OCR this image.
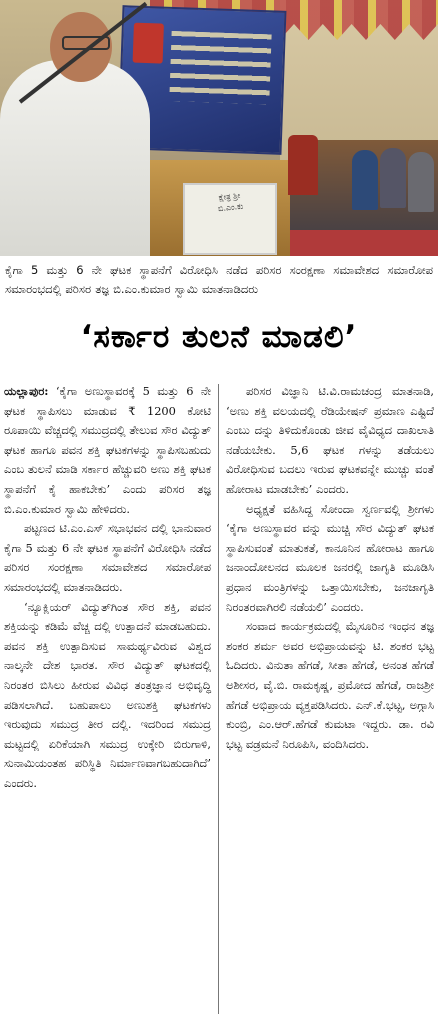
ಕ್ಷೇತ್ರ ಶ್ರೀ
ಬಿ.ಎಂ.ಕು
ಕೈಗಾ 5 ಮತ್ತು 6 ನೇ ಘಟಕ ಸ್ಥಾಪನೆಗೆ ವಿರೋಧಿಸಿ ನಡೆದ ಪರಿಸರ ಸಂರಕ್ಷಣಾ ಸಮಾವೇಶದ ಸಮಾರೋಪ ಸಮಾರಂಭದಲ್ಲಿ ಪರಿಸರ ತಜ್ಞ ಬಿ.ಎಂ.ಕುಮಾರ ಸ್ವಾಮಿ ಮಾತನಾಡಿದರು
‘ಸರ್ಕಾರ ತುಲನೆ ಮಾಡಲಿ’

ಯಲ್ಲಾಪುರ: ‘ಕೈಗಾ ಅಣುಸ್ಥಾವರಕ್ಕೆ 5 ಮತ್ತು 6 ನೇ ಘಟಕ ಸ್ಥಾಪಿಸಲು ಮಾಡುವ ₹ 1200 ಕೋಟಿ ರೂಪಾಯಿ ವೆಚ್ಚದಲ್ಲಿ ಸಮುದ್ರದಲ್ಲಿ ತೇಲುವ ಸೌರ ವಿದ್ಯುತ್ ಘಟಕ ಹಾಗೂ ಪವನ ಶಕ್ತಿ ಘಟಕಗಳನ್ನು ಸ್ಥಾಪಿಸಬಹುದು ಎಂಬ ತುಲನೆ ಮಾಡಿ ಸರ್ಕಾರ ಹೆಚ್ಚುವರಿ ಅಣು ಶಕ್ತಿ ಘಟಕ ಸ್ಥಾಪನೆಗೆ ಕೈ ಹಾಕಬೇಕು’ ಎಂದು ಪರಿಸರ ತಜ್ಞ ಬಿ.ಎಂ.ಕುಮಾರ ಸ್ವಾಮಿ ಹೇಳಿದರು.

ಪಟ್ಟಣದ ಟಿ.ಎಂ.ಎಸ್ ಸಭಾಭವನ ದಲ್ಲಿ ಭಾನುವಾರ ಕೈಗಾ 5 ಮತ್ತು 6 ನೇ ಘಟಕ ಸ್ಥಾಪನೆಗೆ ವಿರೋಧಿಸಿ ನಡೆದ ಪರಿಸರ ಸಂರಕ್ಷಣಾ ಸಮಾವೇಶದ ಸಮಾರೋಪ ಸಮಾರಂಭದಲ್ಲಿ ಮಾತನಾಡಿದರು.

‘ನ್ಯೂಕ್ಲಿಯರ್ ವಿದ್ಯುತ್‌ಗಿಂತ ಸೌರ ಶಕ್ತಿ, ಪವನ ಶಕ್ತಿಯನ್ನು ಕಡಿಮೆ ವೆಚ್ಚ ದಲ್ಲಿ ಉತ್ಪಾದನೆ ಮಾಡಬಹುದು. ಪವನ ಶಕ್ತಿ ಉತ್ಪಾದಿಸುವ ಸಾಮರ್ಥ್ಯವಿರುವ ವಿಶ್ವದ ನಾಲ್ಕನೇ ದೇಶ ಭಾರತ. ಸೌರ ವಿದ್ಯುತ್ ಘಟಕದಲ್ಲಿ ನಿರಂತರ ಬಿಸಿಲು ಹೀರುವ ವಿವಿಧ ತಂತ್ರಜ್ಞಾನ ಅಭಿವೃದ್ಧಿ ಪಡಿಸಲಾಗಿದೆ. ಬಹುಪಾಲು ಅಣುಶಕ್ತಿ ಘಟಕಗಳು ಇರುವುದು ಸಮುದ್ರ ತೀರ ದಲ್ಲಿ. ಇದರಿಂದ ಸಮುದ್ರ ಮಟ್ಟದಲ್ಲಿ ಏರಿಕೆಯಾಗಿ ಸಮುದ್ರ ಉಕ್ಕೇರಿ ಬಿರುಗಾಳಿ, ಸುನಾಮಿಯಂತಹ ಪರಿಸ್ಥಿತಿ ನಿರ್ಮಾಣವಾಗಬಹುದಾಗಿದೆ’ ಎಂದರು.

ಪರಿಸರ ವಿಜ್ಞಾನಿ ಟಿ.ವಿ.ರಾಮಚಂದ್ರ ಮಾತನಾಡಿ, ‘ಅಣು ಶಕ್ತಿ ವಲಯದಲ್ಲಿ ರೆಡಿಯೇಷನ್ ಪ್ರಮಾಣ ಎಷ್ಟಿದೆ ಎಂಬು ದನ್ನು ತಿಳಿದುಕೊಂಡು ಜೀವ ವೈವಿಧ್ಯದ ದಾಖಲಾತಿ ನಡೆಯಬೇಕು. 5,6 ಘಟಕ ಗಳನ್ನು ತಡೆಯಲು ವಿರೋಧಿಸುವ ಬದಲು ಇರುವ ಘಟಕವನ್ನೇ ಮುಚ್ಚು ವಂತೆ ಹೋರಾಟ ಮಾಡಬೇಕು’ ಎಂದರು.

ಅಧ್ಯಕ್ಷತೆ ವಹಿಸಿದ್ದ ಸೋಂದಾ ಸ್ವರ್ಣವಲ್ಲಿ ಶ್ರೀಗಳು ‘ಕೈಗಾ ಅಣುಸ್ಥಾವರ ವನ್ನು ಮುಚ್ಚಿ ಸೌರ ವಿದ್ಯುತ್ ಘಟಕ ಸ್ಥಾಪಿಸುವಂತೆ ಮಾತುಕತೆ, ಕಾನೂನಿನ ಹೋರಾಟ ಹಾಗೂ ಜನಾಂದೋಲನದ ಮೂಲಕ ಜನರಲ್ಲಿ ಜಾಗೃತಿ ಮೂಡಿಸಿ ಪ್ರಧಾನ ಮಂತ್ರಿಗಳನ್ನು ಒತ್ತಾಯಿಸಬೇಕು, ಜನಜಾಗೃತಿ ನಿರಂತರವಾಗಿರಲಿ ನಡೆಯಲಿ’ ಎಂದರು.

ಸಂವಾದ ಕಾರ್ಯಕ್ರಮದಲ್ಲಿ ಮೈಸೂರಿನ ಇಂಧನ ತಜ್ಞ ಶಂಕರ ಶರ್ಮ ಅವರ ಅಭಿಪ್ರಾಯವನ್ನು ಟಿ. ಶಂಕರ ಭಟ್ಟ ಓದಿದರು. ವಿನುತಾ ಹೆಗಡೆ, ಸೀತಾ ಹೆಗಡೆ, ಅನಂತ ಹೆಗಡೆ ಅಶೀಸರ, ವೈ.ಬಿ. ರಾಮಕೃಷ್ಣ, ಪ್ರಮೋದ ಹೆಗಡೆ, ರಾಜಶ್ರೀ ಹೆಗಡೆ ಅಭಿಪ್ರಾಯ ವ್ಯಕ್ತಪಡಿಸಿದರು. ಎನ್.ಕೆ.ಭಟ್ಟ, ಅಗ್ಗಾಸಿ ಕುಂಬ್ರಿ, ಎಂ.ಆರ್.ಹೆಗಡೆ ಕುಮಟಾ ಇದ್ದರು. ಡಾ. ರವಿ ಭಟ್ಟ ವಡ್ರಮನೆ ನಿರೂಪಿಸಿ, ವಂದಿಸಿದರು.
